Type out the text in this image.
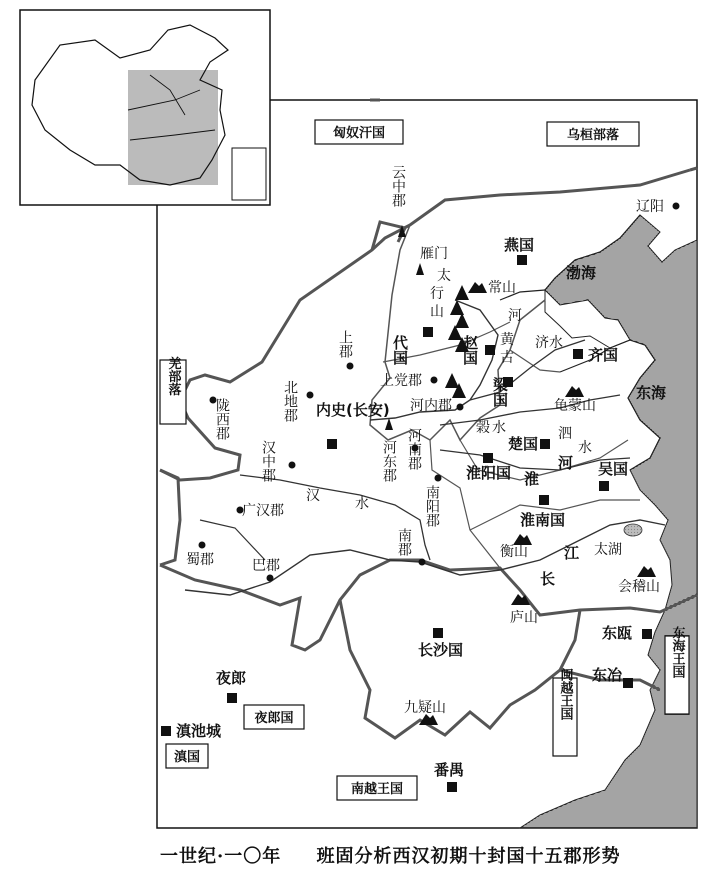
匈奴汗国	乌桓部落
羌部落
夜郎国
滇国
南越王国
闽越王国
东海王国
渤海
东海
云中郡	辽阳
雁门	燕国
常山
代国	赵国
上党郡
上郡
北地郡 内史(长安)
陇西郡	河内郡
河东郡 河南郡
汉中郡
南阳郡
广汉郡
蜀郡	巴郡
南郡
梁国
齐国
楚国
淮阳国	吴国
淮南国
长沙国
夜郎
滇池城
番禺
东瓯
东冶
龟蒙山
衡山
庐山
会稽山
九疑山
太湖
河
黄
古
济水
榖 水	泗
水
淮
河
汉	水
江
长
太
行
山
一世纪·一〇年 班固分析西汉初期十封国十五郡形势
